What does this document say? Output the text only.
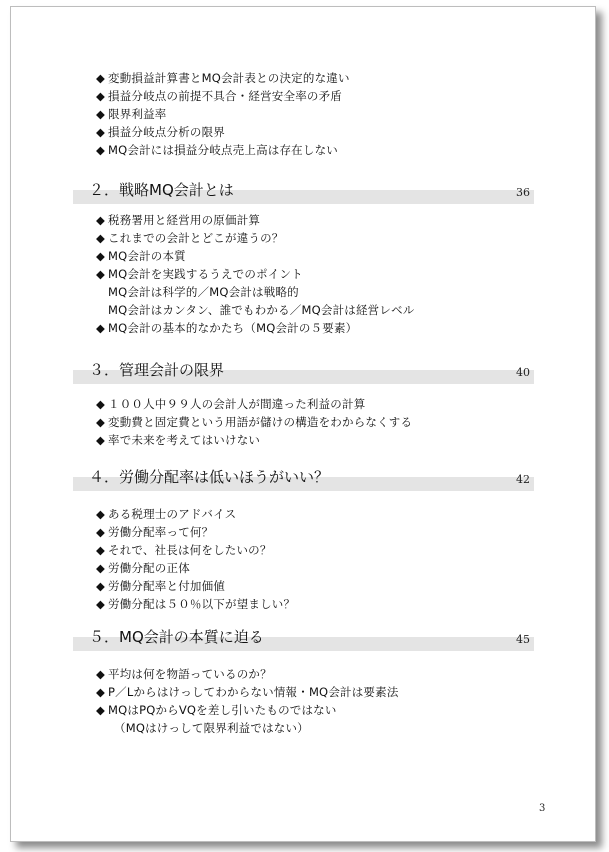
◆ 変動損益計算書とMQ会計表との決定的な違い
◆ 損益分岐点の前提不具合・経営安全率の矛盾
◆ 限界利益率
◆ 損益分岐点分析の限界
◆ MQ会計には損益分岐点売上高は存在しない
２．戦略MQ会計とは	36
◆ 税務署用と経営用の原価計算
◆ これまでの会計とどこが違うの？
◆ MQ会計の本質
◆ MQ会計を実践するうえでのポイント
MQ会計は科学的／MQ会計は戦略的
MQ会計はカンタン、誰でもわかる／MQ会計は経営レベル
◆ MQ会計の基本的なかたち（MQ会計の５要素）
３．管理会計の限界	40
◆ １００人中９９人の会計人が間違った利益の計算
◆ 変動費と固定費という用語が儲けの構造をわからなくする
◆ 率で未来を考えてはいけない
４．労働分配率は低いほうがいい？	42
◆ ある税理士のアドバイス
◆ 労働分配率って何？
◆ それで、社長は何をしたいの？
◆ 労働分配の正体
◆ 労働分配率と付加価値
◆ 労働分配は５０％以下が望ましい？
５．MQ会計の本質に迫る	45
◆ 平均は何を物語っているのか？
◆ P／Lからはけっしてわからない情報・MQ会計は要素法
◆ MQはPQからVQを差し引いたものではない
（MQはけっして限界利益ではない）
3
